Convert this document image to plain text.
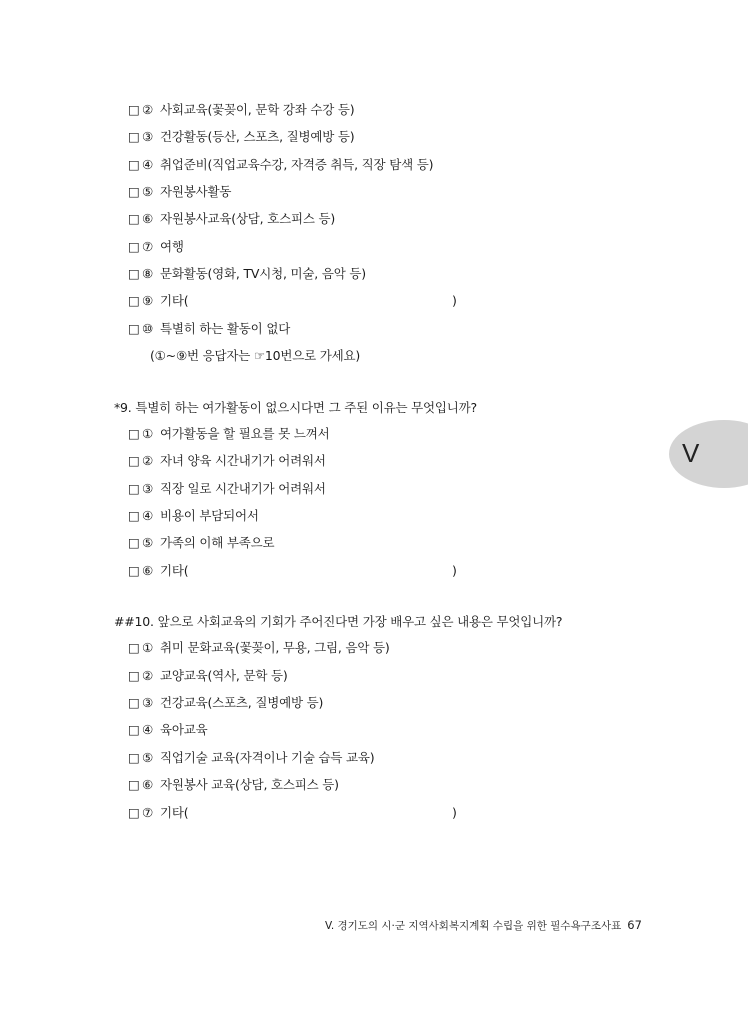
□ ② 사회교육(꽃꽂이, 문학 강좌 수강 등)
□ ③ 건강활동(등산, 스포츠, 질병예방 등)
□ ④ 취업준비(직업교육수강, 자격증 취득, 직장 탐색 등)
□ ⑤ 자원봉사활동
□ ⑥ 자원봉사교육(상담, 호스피스 등)
□ ⑦ 여행
□ ⑧ 문화활동(영화, TV시청, 미술, 음악 등)
□ ⑨ 기타(	)
□ ⑩ 특별히 하는 활동이 없다
(①~⑨번 응답자는 ☞10번으로 가세요)
*9. 특별히 하는 여가활동이 없으시다면 그 주된 이유는 무엇입니까?
□ ① 여가활동을 할 필요를 못 느껴서
□ ② 자녀 양육 시간내기가 어려워서
□ ③ 직장 일로 시간내기가 어려워서
□ ④ 비용이 부담되어서
□ ⑤ 가족의 이해 부족으로
□ ⑥ 기타(	)
##10. 앞으로 사회교육의 기회가 주어진다면 가장 배우고 싶은 내용은 무엇입니까?
□ ① 취미 문화교육(꽃꽂이, 무용, 그림, 음악 등)
□ ② 교양교육(역사, 문학 등)
□ ③ 건강교육(스포츠, 질병예방 등)
□ ④ 육아교육
□ ⑤ 직업기술 교육(자격이나 기술 습득 교육)
□ ⑥ 자원봉사 교육(상담, 호스피스 등)
□ ⑦ 기타(	)
V
V. 경기도의 시·군 지역사회복지계획 수립을 위한 필수욕구조사표 67
